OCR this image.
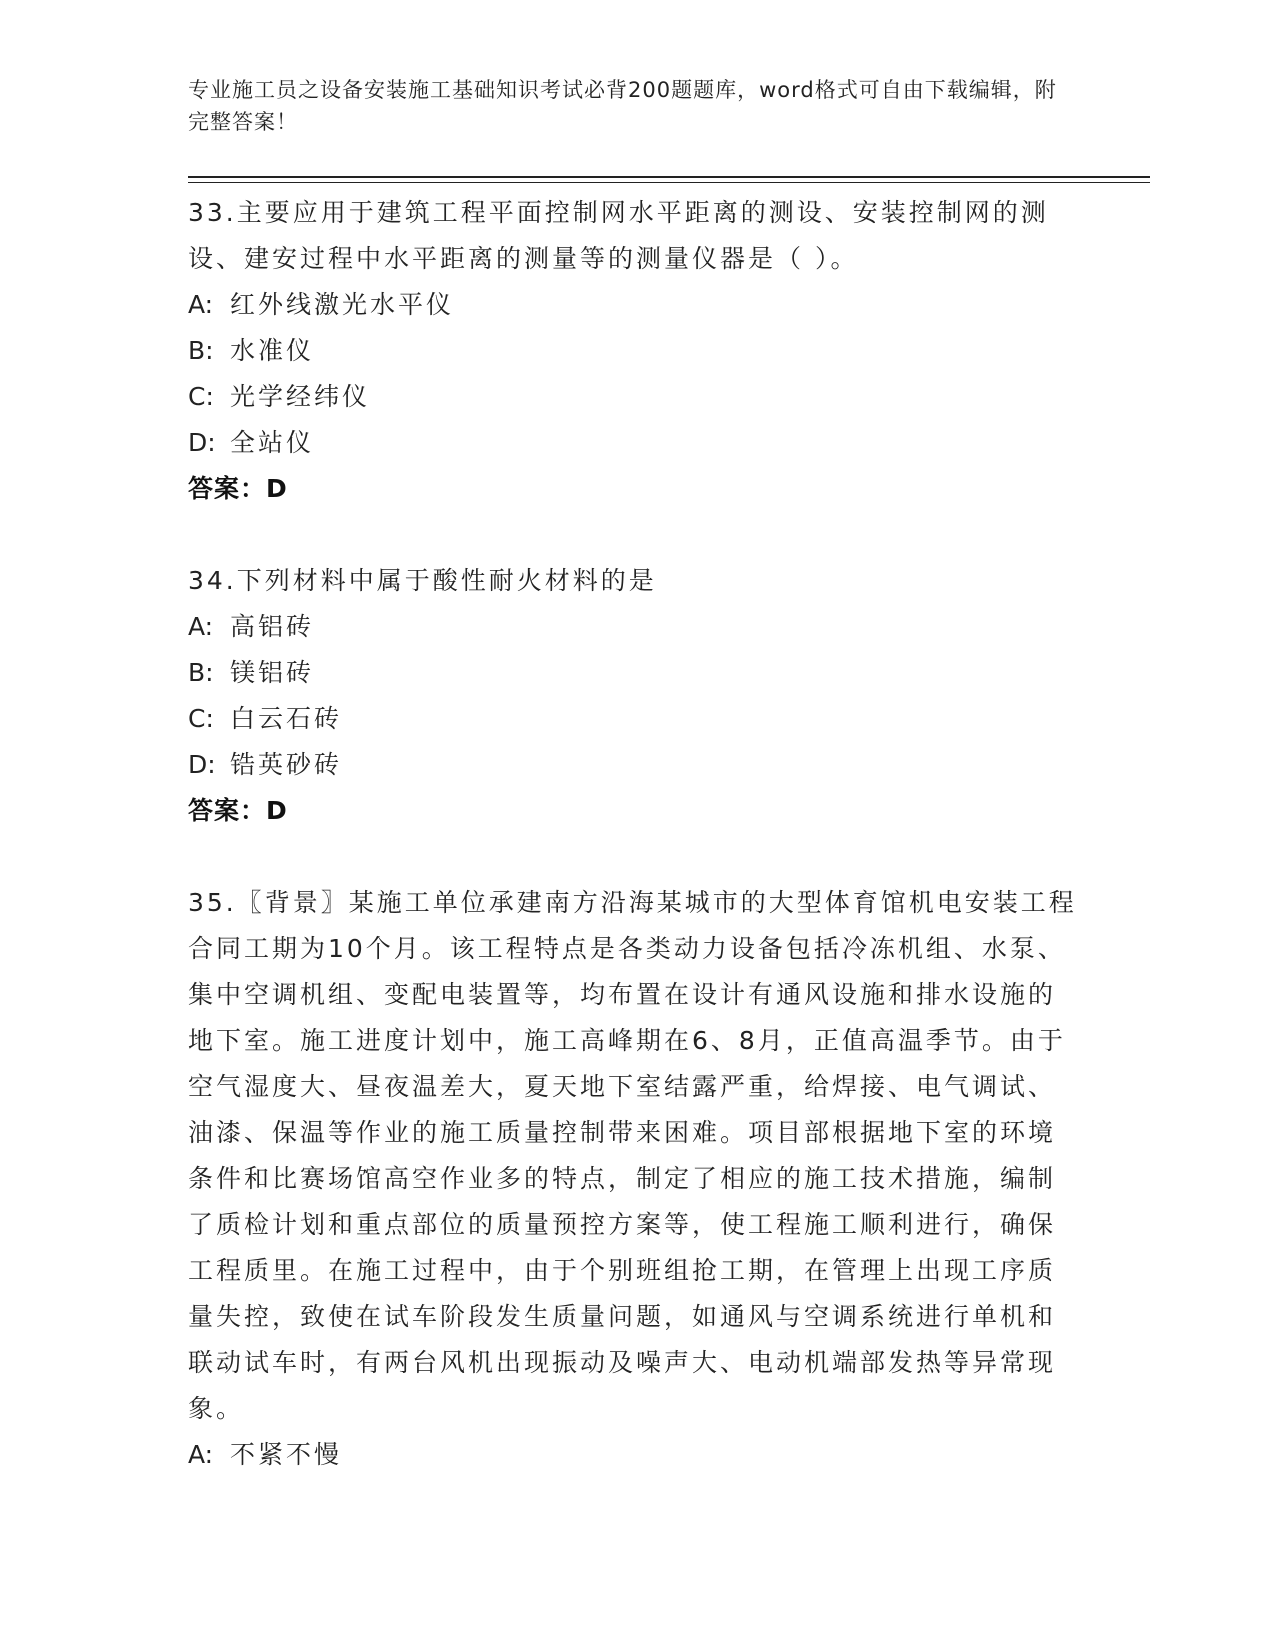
专业施工员之设备安装施工基础知识考试必背200题题库，word格式可自由下载编辑，附完整答案！

33.主要应用于建筑工程平面控制网水平距离的测设、安装控制网的测设、建安过程中水平距离的测量等的测量仪器是（ ）。

A: 红外线激光水平仪

B: 水准仪

C: 光学经纬仪

D: 全站仪

答案：D

34.下列材料中属于酸性耐火材料的是

A: 高铝砖

B: 镁铝砖

C: 白云石砖

D: 锆英砂砖

答案：D

35.〖背景〗某施工单位承建南方沿海某城市的大型体育馆机电安装工程合同工期为10个月。该工程特点是各类动力设备包括冷冻机组、水泵、集中空调机组、变配电装置等，均布置在设计有通风设施和排水设施的地下室。施工进度计划中，施工高峰期在6、8月，正值高温季节。由于空气湿度大、昼夜温差大，夏天地下室结露严重，给焊接、电气调试、油漆、保温等作业的施工质量控制带来困难。项目部根据地下室的环境条件和比赛场馆高空作业多的特点，制定了相应的施工技术措施，编制了质检计划和重点部位的质量预控方案等，使工程施工顺利进行，确保工程质里。在施工过程中，由于个别班组抢工期，在管理上出现工序质量失控，致使在试车阶段发生质量问题，如通风与空调系统进行单机和联动试车时，有两台风机出现振动及噪声大、电动机端部发热等异常现象。

A: 不紧不慢
